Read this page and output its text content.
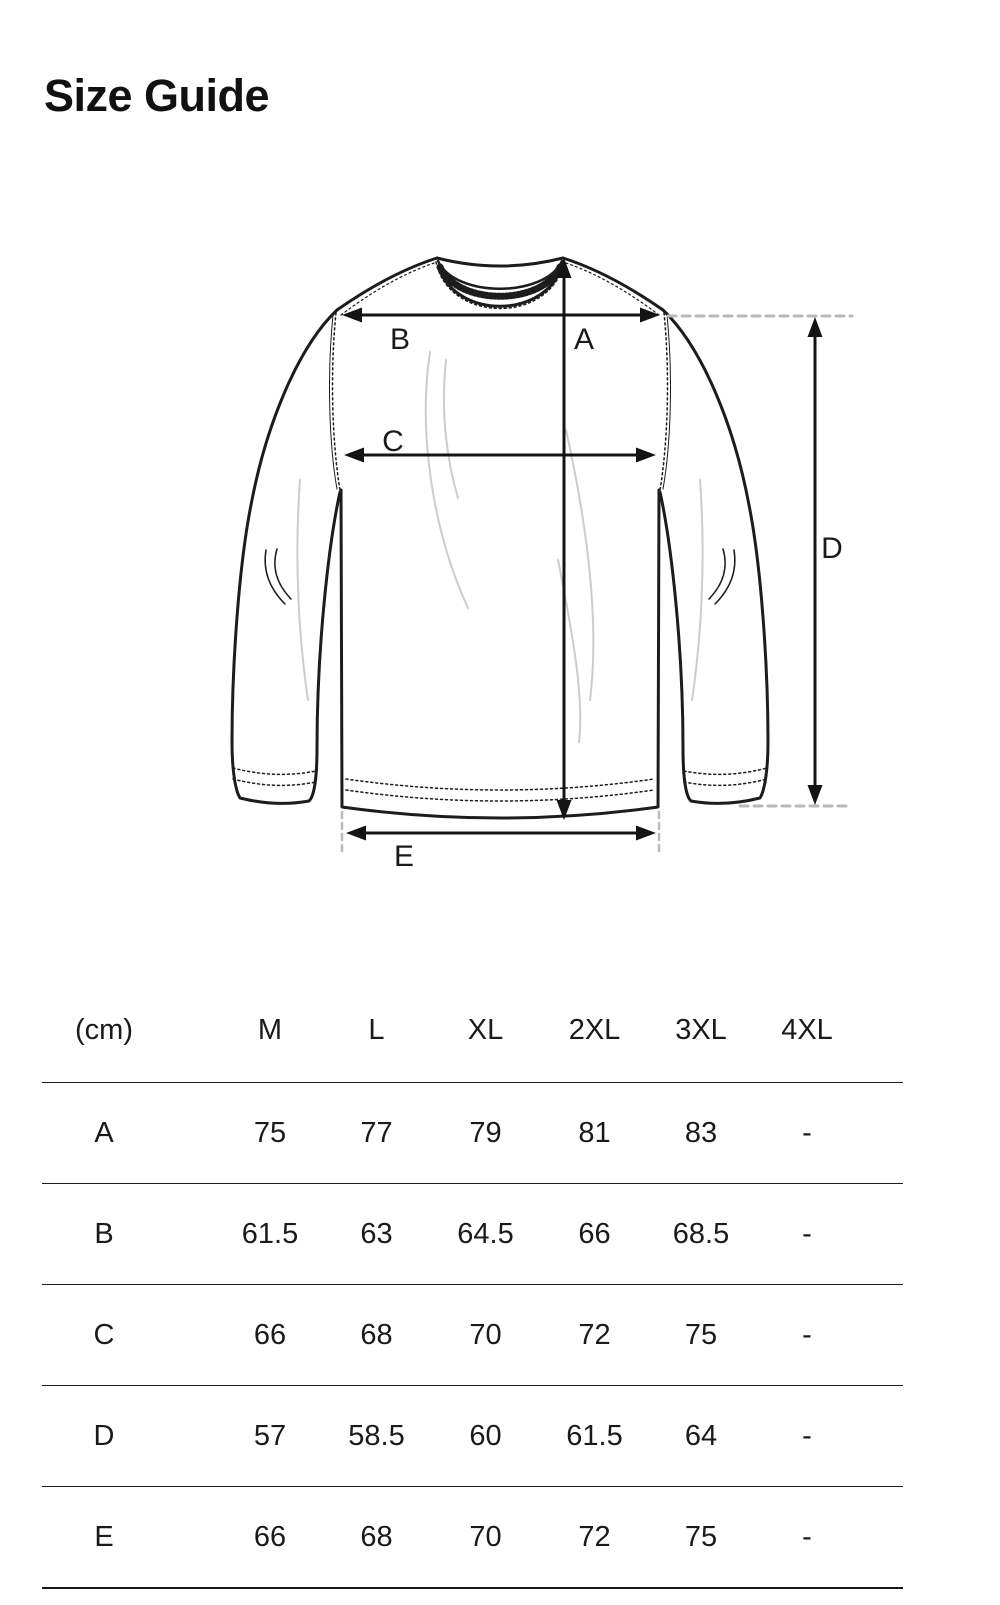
Size Guide
B	A
C
D
E
(cm)	M	L	XL	2XL	3XL	4XL
A	75	77	79	81	83	-
B	61.5	63	64.5	66	68.5	-
C	66	68	70	72	75	-
D	57	58.5	60	61.5	64	-
E	66	68	70	72	75	-
